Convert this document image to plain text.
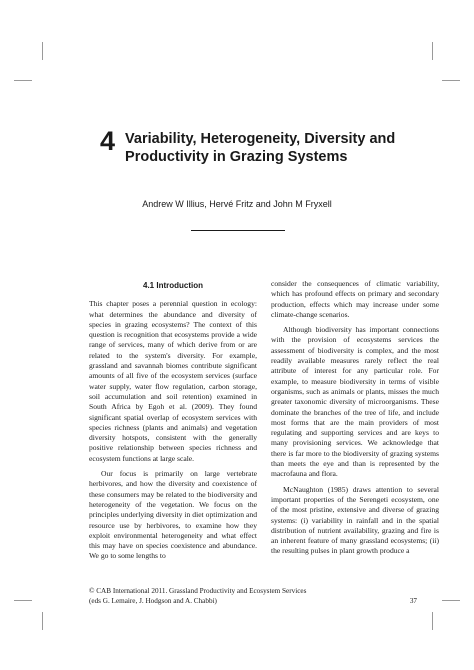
4 Variability, Heterogeneity, Diversity and
Productivity in Grazing Systems
Andrew W Illius, Hervé Fritz and John M Fryxell
4.1 Introduction

This chapter poses a perennial question in ecology: what determines the abundance and diversity of species in grazing ecosystems? The context of this question is recognition that ecosystems provide a wide range of services, many of which derive from or are related to the system's diversity. For example, grassland and savannah biomes contribute significant amounts of all five of the ecosystem services (surface water supply, water flow regulation, carbon storage, soil accumulation and soil retention) examined in South Africa by Egoh et al. (2009). They found significant spatial overlap of ecosystem services with species richness (plants and animals) and vegetation diversity hotspots, consistent with the generally positive relationship between species richness and ecosystem functions at large scale.

Our focus is primarily on large vertebrate herbivores, and how the diversity and coexistence of these consumers may be related to the biodiversity and heterogeneity of the vegetation. We focus on the principles underlying diversity in diet optimization and resource use by herbivores, to examine how they exploit environmental heterogeneity and what effect this may have on species coexistence and abundance. We go to some lengths to

consider the consequences of climatic variability, which has profound effects on primary and secondary production, effects which may increase under some climate-change scenarios.

Although biodiversity has important connections with the provision of ecosystems services the assessment of biodiversity is complex, and the most readily available measures rarely reflect the real attribute of interest for any particular role. For example, to measure biodiversity in terms of visible organisms, such as animals or plants, misses the much greater taxonomic diversity of microorganisms. These dominate the branches of the tree of life, and include most forms that are the main providers of most regulating and supporting services and are keys to many provisioning services. We acknowledge that there is far more to the biodiversity of grazing systems than meets the eye and than is represented by the macrofauna and flora.

McNaughton (1985) draws attention to several important properties of the Serengeti ecosystem, one of the most pristine, extensive and diverse of grazing systems: (i) variability in rainfall and in the spatial distribution of nutrient availability, grazing and fire is an inherent feature of many grassland ecosystems; (ii) the resulting pulses in plant growth produce a

© CAB International 2011. Grassland Productivity and Ecosystem Services
(eds G. Lemaire, J. Hodgson and A. Chabbi)	37
